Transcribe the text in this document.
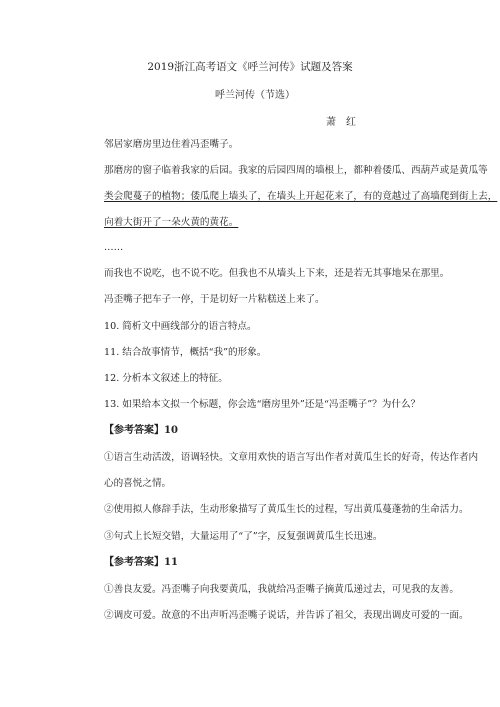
2019浙江高考语文《呼兰河传》试题及答案
呼兰河传（节选）
萧　红
邻居家磨房里边住着冯歪嘴子。
那磨房的窗子临着我家的后园。我家的后园四周的墙根上，都种着倭瓜、西葫芦或是黄瓜等
类会爬蔓子的植物；倭瓜爬上墙头了，在墙头上开起花来了，有的竟越过了高墙爬到街上去，
向着大街开了一朵火黄的黄花。
……
而我也不说吃，也不说不吃。但我也不从墙头上下来，还是若无其事地呆在那里。
冯歪嘴子把车子一停，于是切好一片粘糕送上来了。
10. 简析文中画线部分的语言特点。
11. 结合故事情节，概括“我”的形象。
12. 分析本文叙述上的特征。
13. 如果给本文拟一个标题，你会选“磨房里外”还是“冯歪嘴子”？为什么？
【参考答案】10
①语言生动活泼，语调轻快。文章用欢快的语言写出作者对黄瓜生长的好奇，传达作者内
心的喜悦之情。
②使用拟人修辞手法，生动形象描写了黄瓜生长的过程，写出黄瓜蔓蓬勃的生命活力。
③句式上长短交错，大量运用了“了”字，反复强调黄瓜生长迅速。
【参考答案】11
①善良友爱。冯歪嘴子向我要黄瓜，我就给冯歪嘴子摘黄瓜递过去，可见我的友善。
②调皮可爱。故意的不出声听冯歪嘴子说话，并告诉了祖父，表现出调皮可爱的一面。
